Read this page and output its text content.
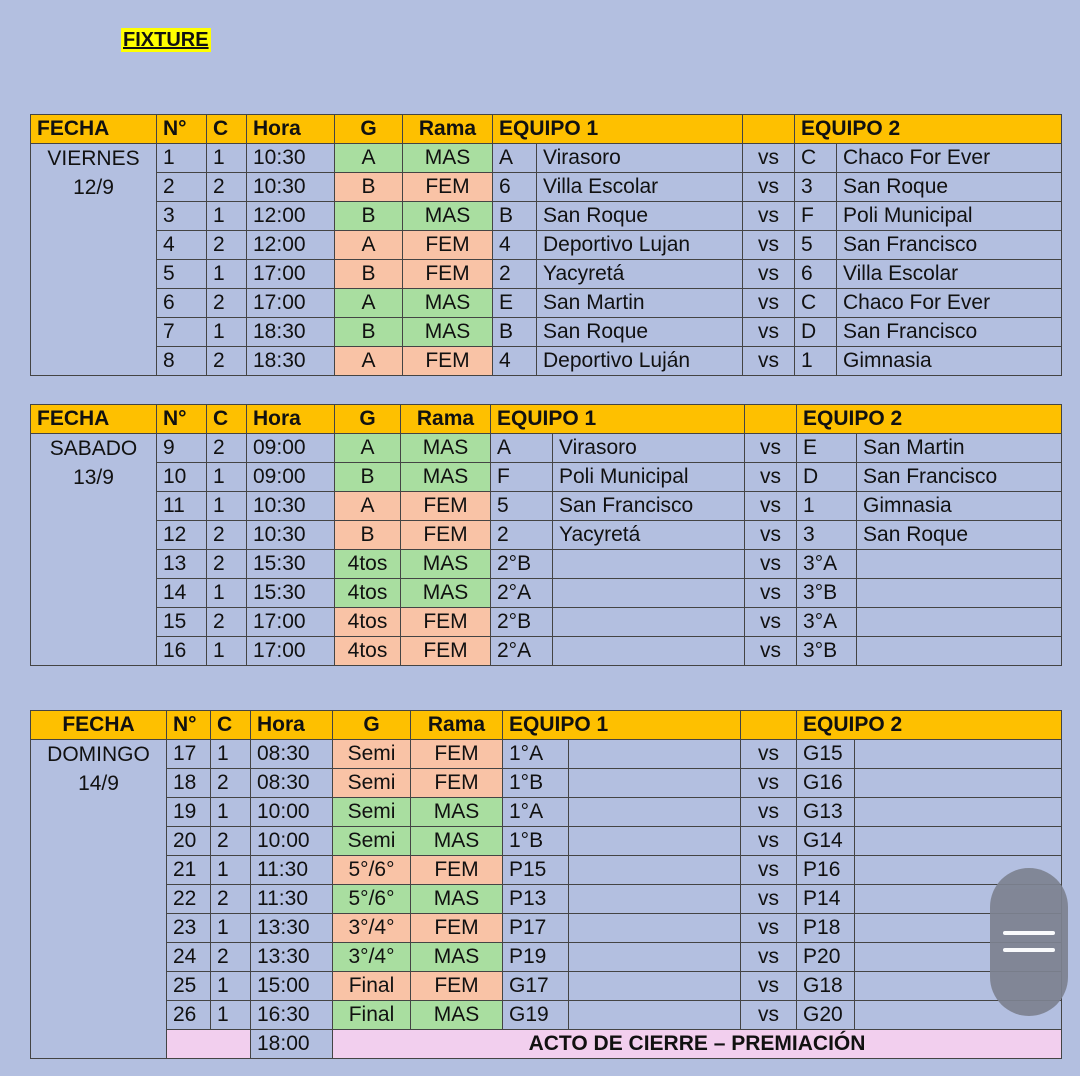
FIXTURE
FECHA	N°	C	Hora	G	Rama	EQUIPO 1			EQUIPO 2	

VIERNES
12/9	1	1	10:30	A	MAS	A	Virasoro	vs	C	Chaco For Ever
	2	2	10:30	B	FEM	6	Villa Escolar	vs	3	San Roque
	3	1	12:00	B	MAS	B	San Roque	vs	F	Poli Municipal
	4	2	12:00	A	FEM	4	Deportivo Lujan	vs	5	San Francisco
	5	1	17:00	B	FEM	2	Yacyretá	vs	6	Villa Escolar
	6	2	17:00	A	MAS	E	San Martin	vs	C	Chaco For Ever
	7	1	18:30	B	MAS	B	San Roque	vs	D	San Francisco
	8	2	18:30	A	FEM	4	Deportivo Luján	vs	1	Gimnasia
FECHA	N°	C	Hora	G	Rama	EQUIPO 1			EQUIPO 2	

SABADO
13/9	9	2	09:00	A	MAS	A	Virasoro	vs	E	San Martin
	10	1	09:00	B	MAS	F	Poli Municipal	vs	D	San Francisco
	11	1	10:30	A	FEM	5	San Francisco	vs	1	Gimnasia
	12	2	10:30	B	FEM	2	Yacyretá	vs	3	San Roque
	13	2	15:30	4tos	MAS	2°B		vs	3°A	
	14	1	15:30	4tos	MAS	2°A		vs	3°B	
	15	2	17:00	4tos	FEM	2°B		vs	3°A	
	16	1	17:00	4tos	FEM	2°A		vs	3°B	
FECHA	N°	C	Hora	G	Rama	EQUIPO 1			EQUIPO 2	

DOMINGO
14/9	17	1	08:30	Semi	FEM	1°A		vs	G15	
	18	2	08:30	Semi	FEM	1°B		vs	G16	
	19	1	10:00	Semi	MAS	1°A		vs	G13	
	20	2	10:00	Semi	MAS	1°B		vs	G14	
	21	1	11:30	5°/6°	FEM	P15		vs	P16	
	22	2	11:30	5°/6°	MAS	P13		vs	P14	
	23	1	13:30	3°/4°	FEM	P17		vs	P18	
	24	2	13:30	3°/4°	MAS	P19		vs	P20	
	25	1	15:00	Final	FEM	G17		vs	G18	
	26	1	16:30	Final	MAS	G19		vs	G20	
			18:00	ACTO DE CIERRE – PREMIACIÓN						
